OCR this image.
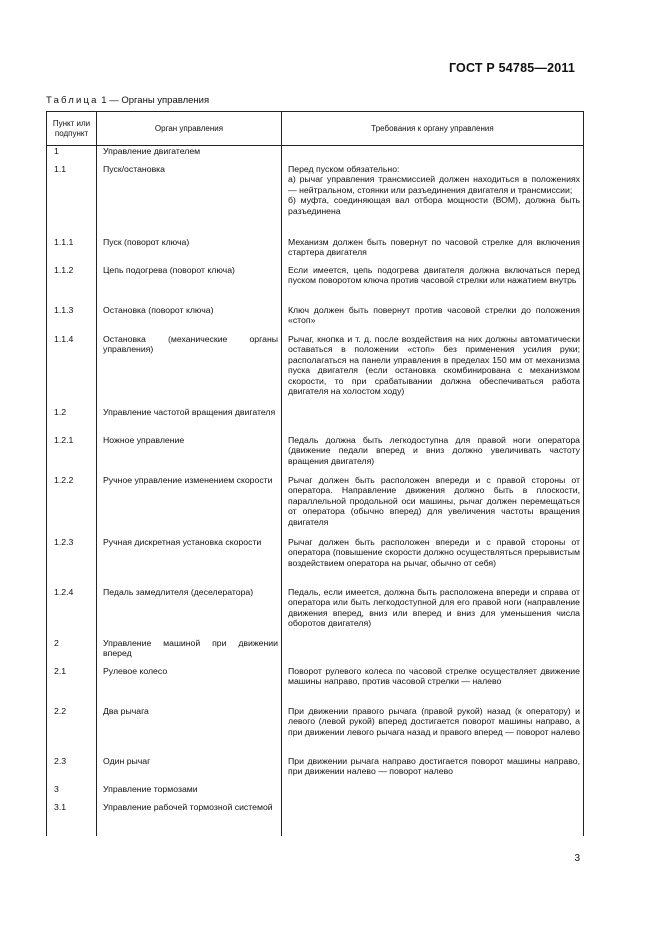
ГОСТ Р 54785—2011
Таблица 1 — Органы управления
Пункт или подпункт	Орган управления	Требования к органу управления
1	Управление двигателем	
1.1	Пуск/остановка	Перед пуском обязательно:
а) рычаг управления трансмиссией должен находиться в положениях — нейтральном, стоянки или разъединения двигателя и трансмиссии;
б) муфта, соединяющая вал отбора мощности (ВОМ), должна быть разъединена

1.1.1	Пуск (поворот ключа)	Механизм должен быть повернут по часовой стрелке для включения стартера двигателя
1.1.2	Цепь подогрева (поворот ключа)	Если имеется, цепь подогрева двигателя должна включаться перед пуском поворотом ключа против часовой стрелки или нажатием внутрь
1.1.3	Остановка (поворот ключа)	Ключ должен быть повернут против часовой стрелки до положения «стоп»
1.1.4	Остановка (механические органы управления)	Рычаг, кнопка и т. д. после воздействия на них должны автоматически оставаться в положении «стоп» без применения усилия руки; располагаться на панели управления в пределах 150 мм от механизма пуска двигателя (если остановка скомбинирована с механизмом скорости, то при срабатывании должна обеспечиваться работа двигателя на холостом ходу)
1.2	Управление частотой вращения двигателя	
1.2.1	Ножное управление	Педаль должна быть легкодоступна для правой ноги оператора (движение педали вперед и вниз должно увеличивать частоту вращения двигателя)
1.2.2	Ручное управление изменением скорости	Рычаг должен быть расположен впереди и с правой стороны от оператора. Направление движения должно быть в плоскости, параллельной продольной оси машины, рычаг должен перемещаться от оператора (обычно вперед) для увеличения частоты вращения двигателя
1.2.3	Ручная дискретная установка скорости	Рычаг должен быть расположен впереди и с правой стороны от оператора (повышение скорости должно осуществляться прерывистым воздействием оператора на рычаг, обычно от себя)
1.2.4	Педаль замедлителя (деселератора)	Педаль, если имеется, должна быть расположена впереди и справа от оператора или быть легкодоступной для его правой ноги (направление движения вперед, вниз или вперед и вниз для уменьшения числа оборотов двигателя)
2	Управление машиной при движении вперед	
2.1	Рулевое колесо	Поворот рулевого колеса по часовой стрелке осуществляет движение машины направо, против часовой стрелки — налево
2.2	Два рычага	При движении правого рычага (правой рукой) назад (к оператору) и левого (левой рукой) вперед достигается поворот машины направо, а при движении левого рычага назад и правого вперед — поворот налево
2.3	Один рычаг	При движении рычага направо достигается поворот машины направо, при движении налево — поворот налево
3	Управление тормозами	
3.1	Управление рабочей тормозной системой	
3
